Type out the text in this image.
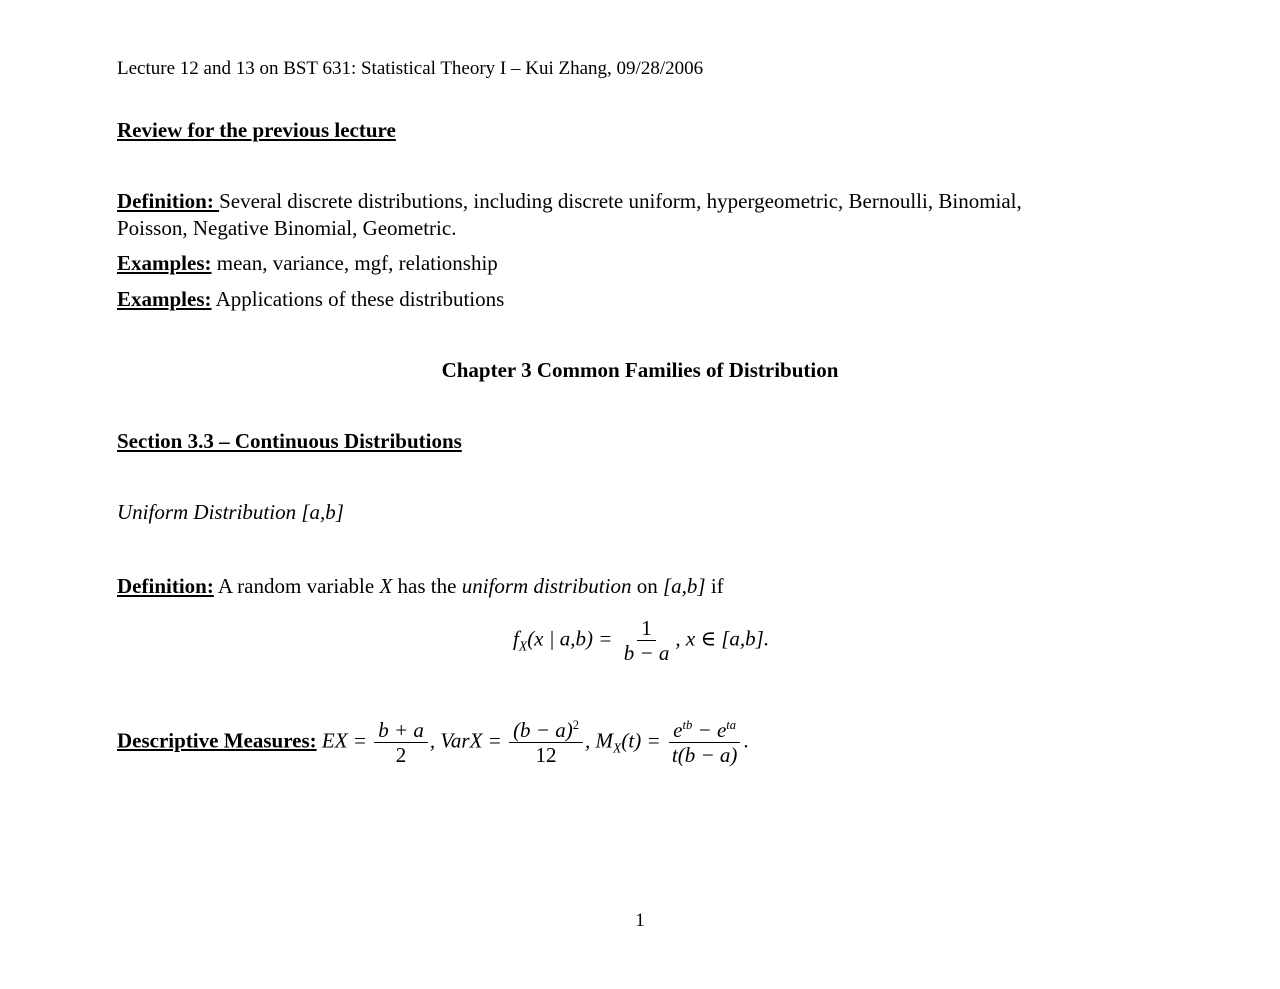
Lecture 12 and 13 on BST 631: Statistical Theory I – Kui Zhang, 09/28/2006
Review for the previous lecture
Definition: Several discrete distributions, including discrete uniform, hypergeometric, Bernoulli, Binomial,
Poisson, Negative Binomial, Geometric.
Examples: mean, variance, mgf, relationship
Examples: Applications of these distributions
Chapter 3 Common Families of Distribution
Section 3.3 – Continuous Distributions
Uniform Distribution [a,b]
Definition: A random variable X has the uniform distribution on [a,b] if
$f_X(x$ | $a,b) = \frac{1}{b - a}$ , x ∈ [a,b].
Descriptive Measures: EX = $\frac{b + a}{2}$ , VarX = $\frac{(b - a)^2}{12}$ , $M_X(t) = \frac{e^{tb} - e^{ta}}{t(b - a)}$ .
1
